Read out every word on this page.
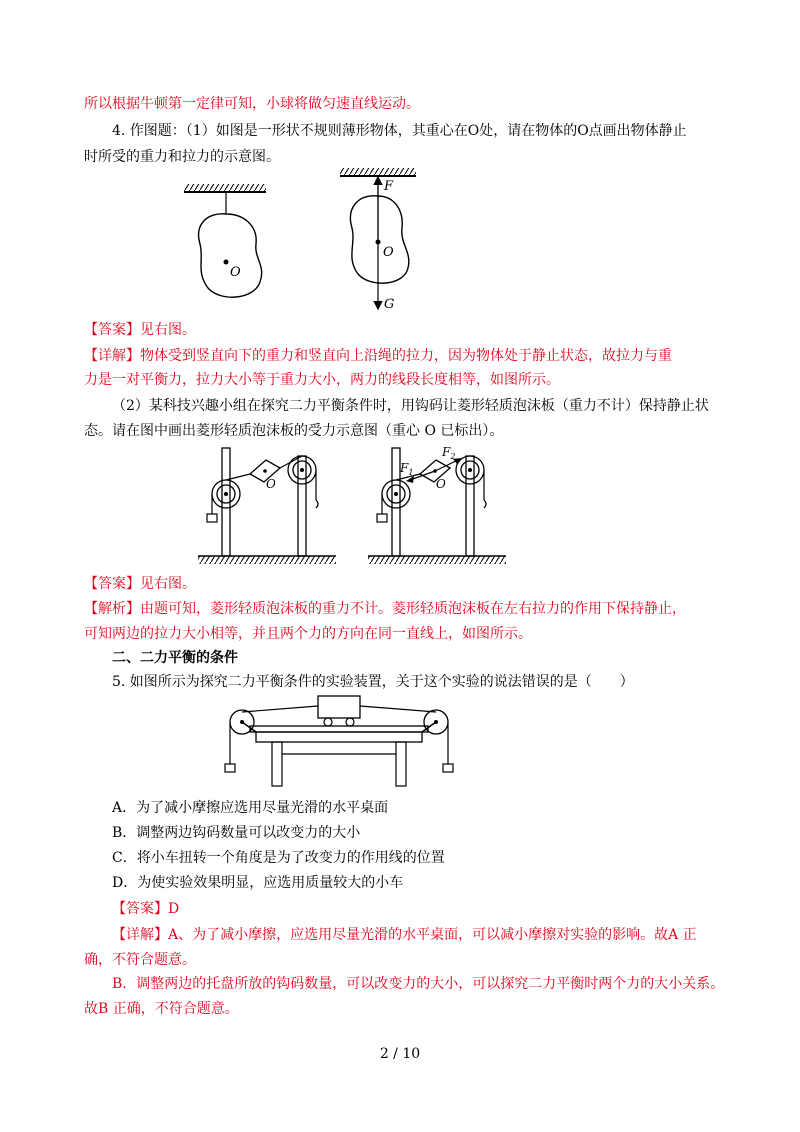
所以根据牛顿第一定律可知，小球将做匀速直线运动。
4. 作图题：（1）如图是一形状不规则薄形物体，其重心在O处，请在物体的O点画出物体静止
时所受的重力和拉力的示意图。
O
O
F
G
【答案】见右图。
【详解】物体受到竖直向下的重力和竖直向上沿绳的拉力，因为物体处于静止状态，故拉力与重
力是一对平衡力，拉力大小等于重力大小，两力的线段长度相等，如图所示。
（2）某科技兴趣小组在探究二力平衡条件时，用钩码让菱形轻质泡沫板（重力不计）保持静止状
态。请在图中画出菱形轻质泡沫板的受力示意图（重心 O 已标出）。
O	O
$F_1$
$F_2$
【答案】见右图。
【解析】由题可知，菱形轻质泡沫板的重力不计。菱形轻质泡沫板在左右拉力的作用下保持静止，
可知两边的拉力大小相等，并且两个力的方向在同一直线上，如图所示。
二、二力平衡的条件
5. 如图所示为探究二力平衡条件的实验装置，关于这个实验的说法错误的是（　　）
A．为了减小摩擦应选用尽量光滑的水平桌面
B．调整两边钩码数量可以改变力的大小
C．将小车扭转一个角度是为了改变力的作用线的位置
D．为使实验效果明显，应选用质量较大的小车
【答案】D
【详解】A、为了减小摩擦，应选用尽量光滑的水平桌面，可以减小摩擦对实验的影响。故A 正
确，不符合题意。
B．调整两边的托盘所放的钩码数量，可以改变力的大小，可以探究二力平衡时两个力的大小关系。
故B 正确，不符合题意。
2 / 10
